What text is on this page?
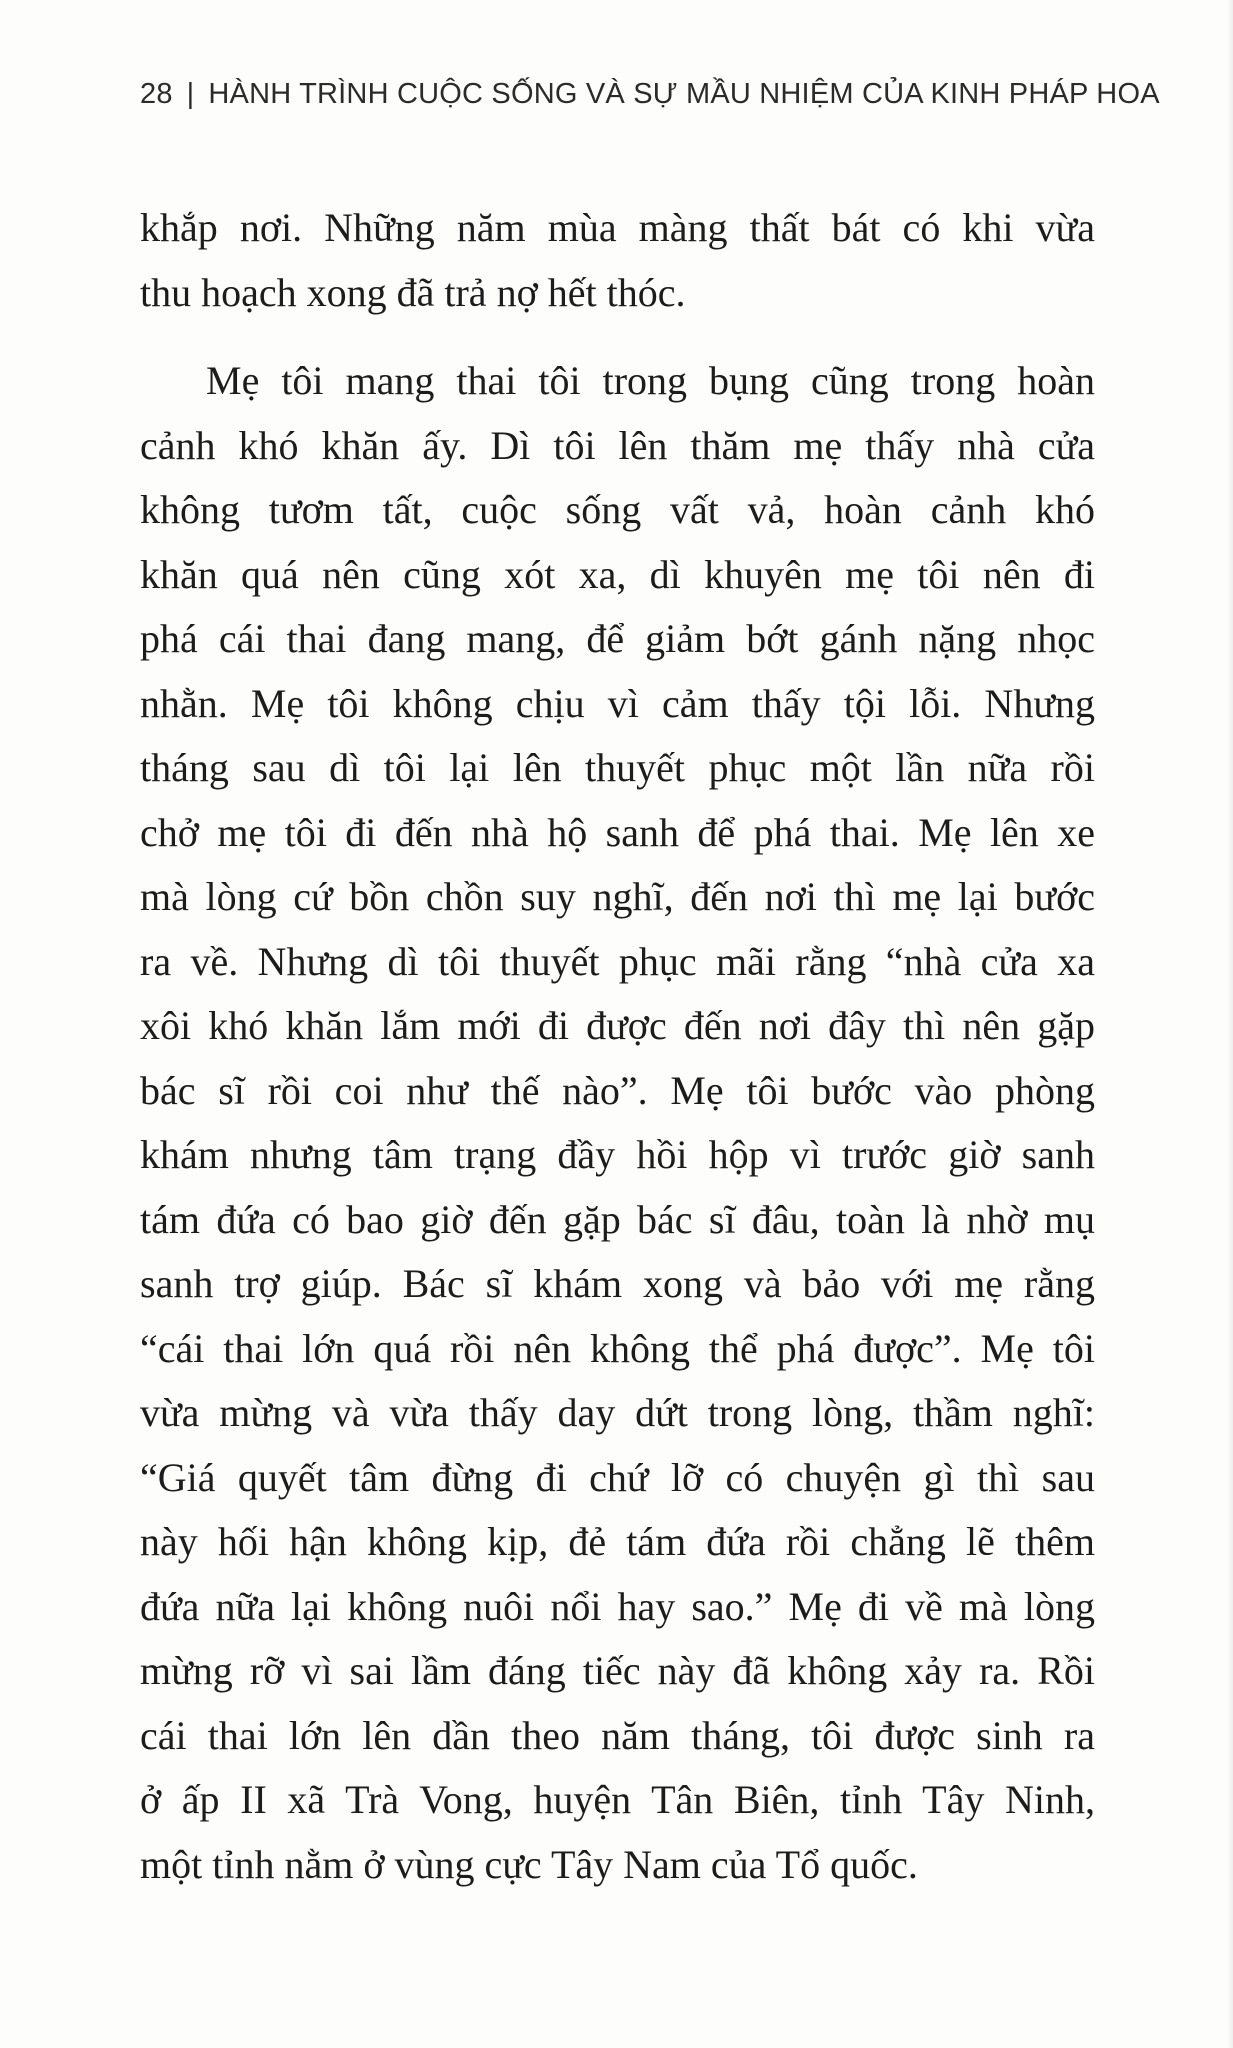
28 | HÀNH TRÌNH CUỘC SỐNG VÀ SỰ MẦU NHIỆM CỦA KINH PHÁP HOA
khắp nơi. Những năm mùa màng thất bát có khi vừa
thu hoạch xong đã trả nợ hết thóc.
Mẹ tôi mang thai tôi trong bụng cũng trong hoàn
cảnh khó khăn ấy. Dì tôi lên thăm mẹ thấy nhà cửa
không tươm tất, cuộc sống vất vả, hoàn cảnh khó
khăn quá nên cũng xót xa, dì khuyên mẹ tôi nên đi
phá cái thai đang mang, để giảm bớt gánh nặng nhọc
nhằn. Mẹ tôi không chịu vì cảm thấy tội lỗi. Nhưng
tháng sau dì tôi lại lên thuyết phục một lần nữa rồi
chở mẹ tôi đi đến nhà hộ sanh để phá thai. Mẹ lên xe
mà lòng cứ bồn chồn suy nghĩ, đến nơi thì mẹ lại bước
ra về. Nhưng dì tôi thuyết phục mãi rằng “nhà cửa xa
xôi khó khăn lắm mới đi được đến nơi đây thì nên gặp
bác sĩ rồi coi như thế nào”. Mẹ tôi bước vào phòng
khám nhưng tâm trạng đầy hồi hộp vì trước giờ sanh
tám đứa có bao giờ đến gặp bác sĩ đâu, toàn là nhờ mụ
sanh trợ giúp. Bác sĩ khám xong và bảo với mẹ rằng
“cái thai lớn quá rồi nên không thể phá được”. Mẹ tôi
vừa mừng và vừa thấy day dứt trong lòng, thầm nghĩ:
“Giá quyết tâm đừng đi chứ lỡ có chuyện gì thì sau
này hối hận không kịp, đẻ tám đứa rồi chẳng lẽ thêm
đứa nữa lại không nuôi nổi hay sao.” Mẹ đi về mà lòng
mừng rỡ vì sai lầm đáng tiếc này đã không xảy ra. Rồi
cái thai lớn lên dần theo năm tháng, tôi được sinh ra
ở ấp II xã Trà Vong, huyện Tân Biên, tỉnh Tây Ninh,
một tỉnh nằm ở vùng cực Tây Nam của Tổ quốc.
